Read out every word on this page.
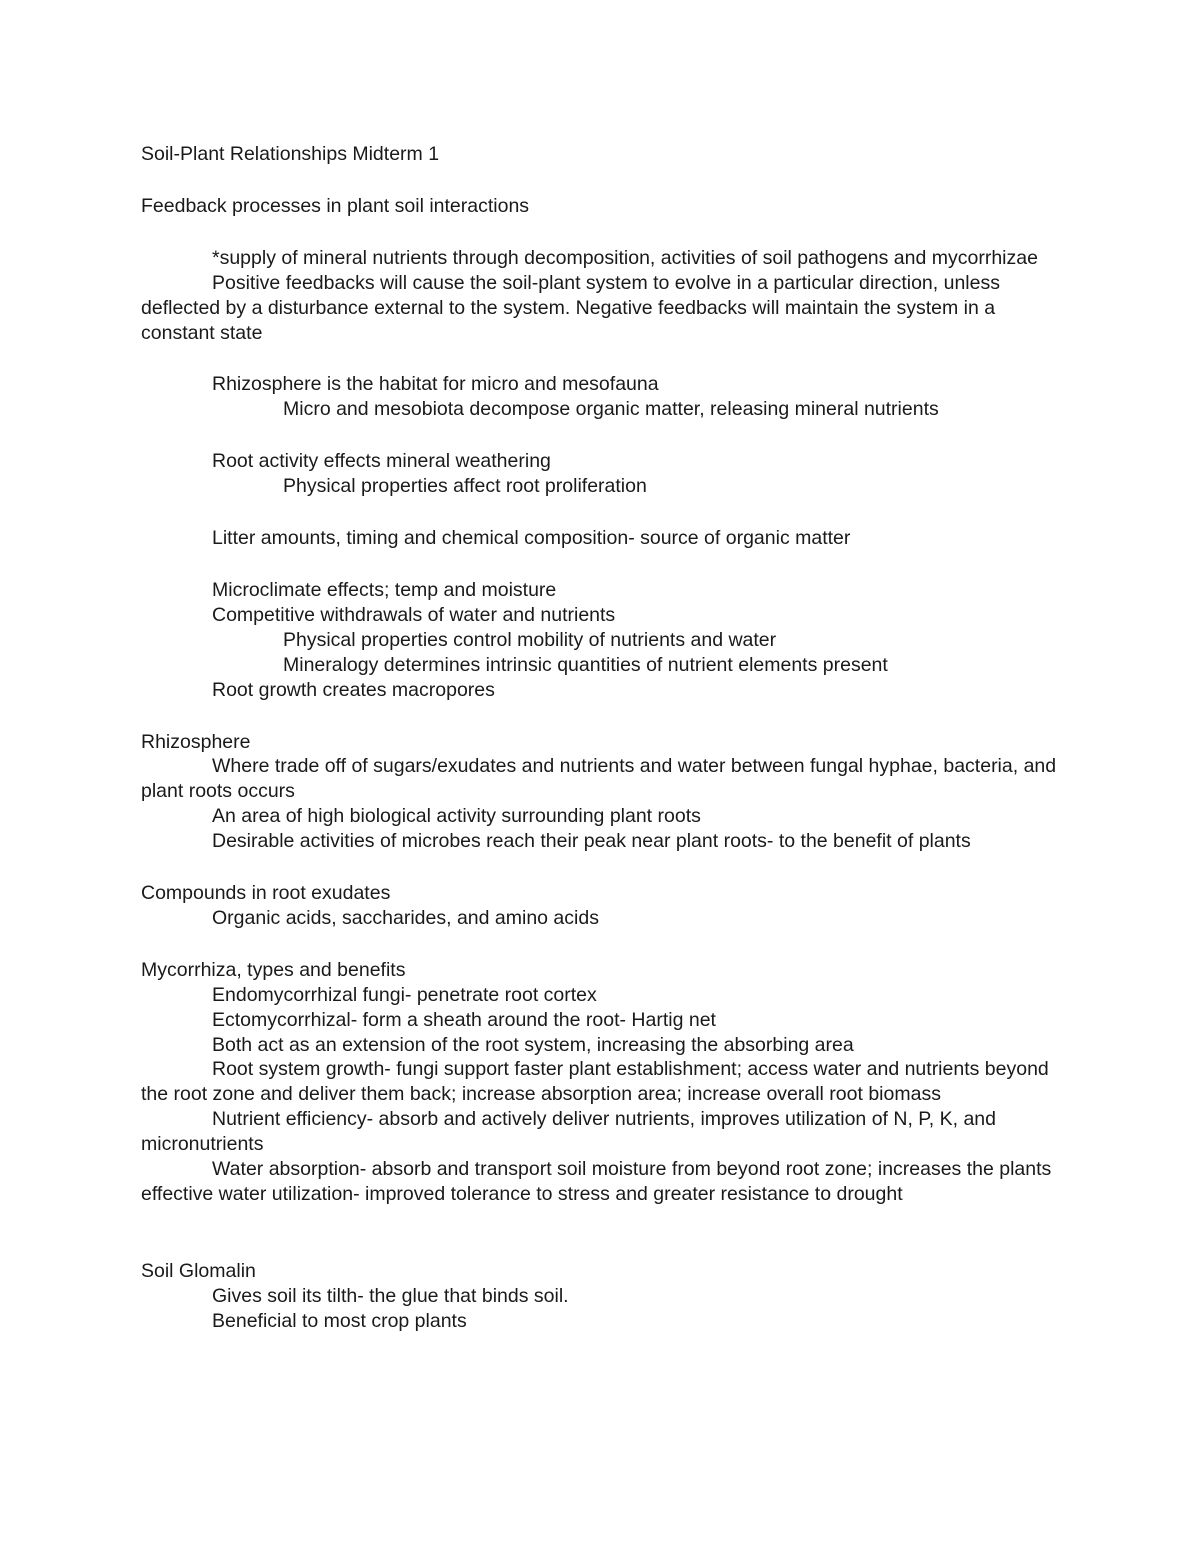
Soil-Plant Relationships Midterm 1

Feedback processes in plant soil interactions

*supply of mineral nutrients through decomposition, activities of soil pathogens and mycorrhizae

Positive feedbacks will cause the soil-plant system to evolve in a particular direction, unless deflected by a disturbance external to the system. Negative feedbacks will maintain the system in a constant state

Rhizosphere is the habitat for micro and mesofauna

Micro and mesobiota decompose organic matter, releasing mineral nutrients

Root activity effects mineral weathering

Physical properties affect root proliferation

Litter amounts, timing and chemical composition- source of organic matter

Microclimate effects; temp and moisture

Competitive withdrawals of water and nutrients

Physical properties control mobility of nutrients and water

Mineralogy determines intrinsic quantities of nutrient elements present

Root growth creates macropores

Rhizosphere

Where trade off of sugars/exudates and nutrients and water between fungal hyphae, bacteria, and plant roots occurs

An area of high biological activity surrounding plant roots

Desirable activities of microbes reach their peak near plant roots- to the benefit of plants

Compounds in root exudates

Organic acids, saccharides, and amino acids

Mycorrhiza, types and benefits

Endomycorrhizal fungi- penetrate root cortex

Ectomycorrhizal- form a sheath around the root- Hartig net

Both act as an extension of the root system, increasing the absorbing area

Root system growth- fungi support faster plant establishment; access water and nutrients beyond the root zone and deliver them back; increase absorption area; increase overall root biomass

Nutrient efficiency- absorb and actively deliver nutrients, improves utilization of N, P, K, and micronutrients

Water absorption- absorb and transport soil moisture from beyond root zone; increases the plants effective water utilization- improved tolerance to stress and greater resistance to drought

Soil Glomalin

Gives soil its tilth- the glue that binds soil.

Beneficial to most crop plants
